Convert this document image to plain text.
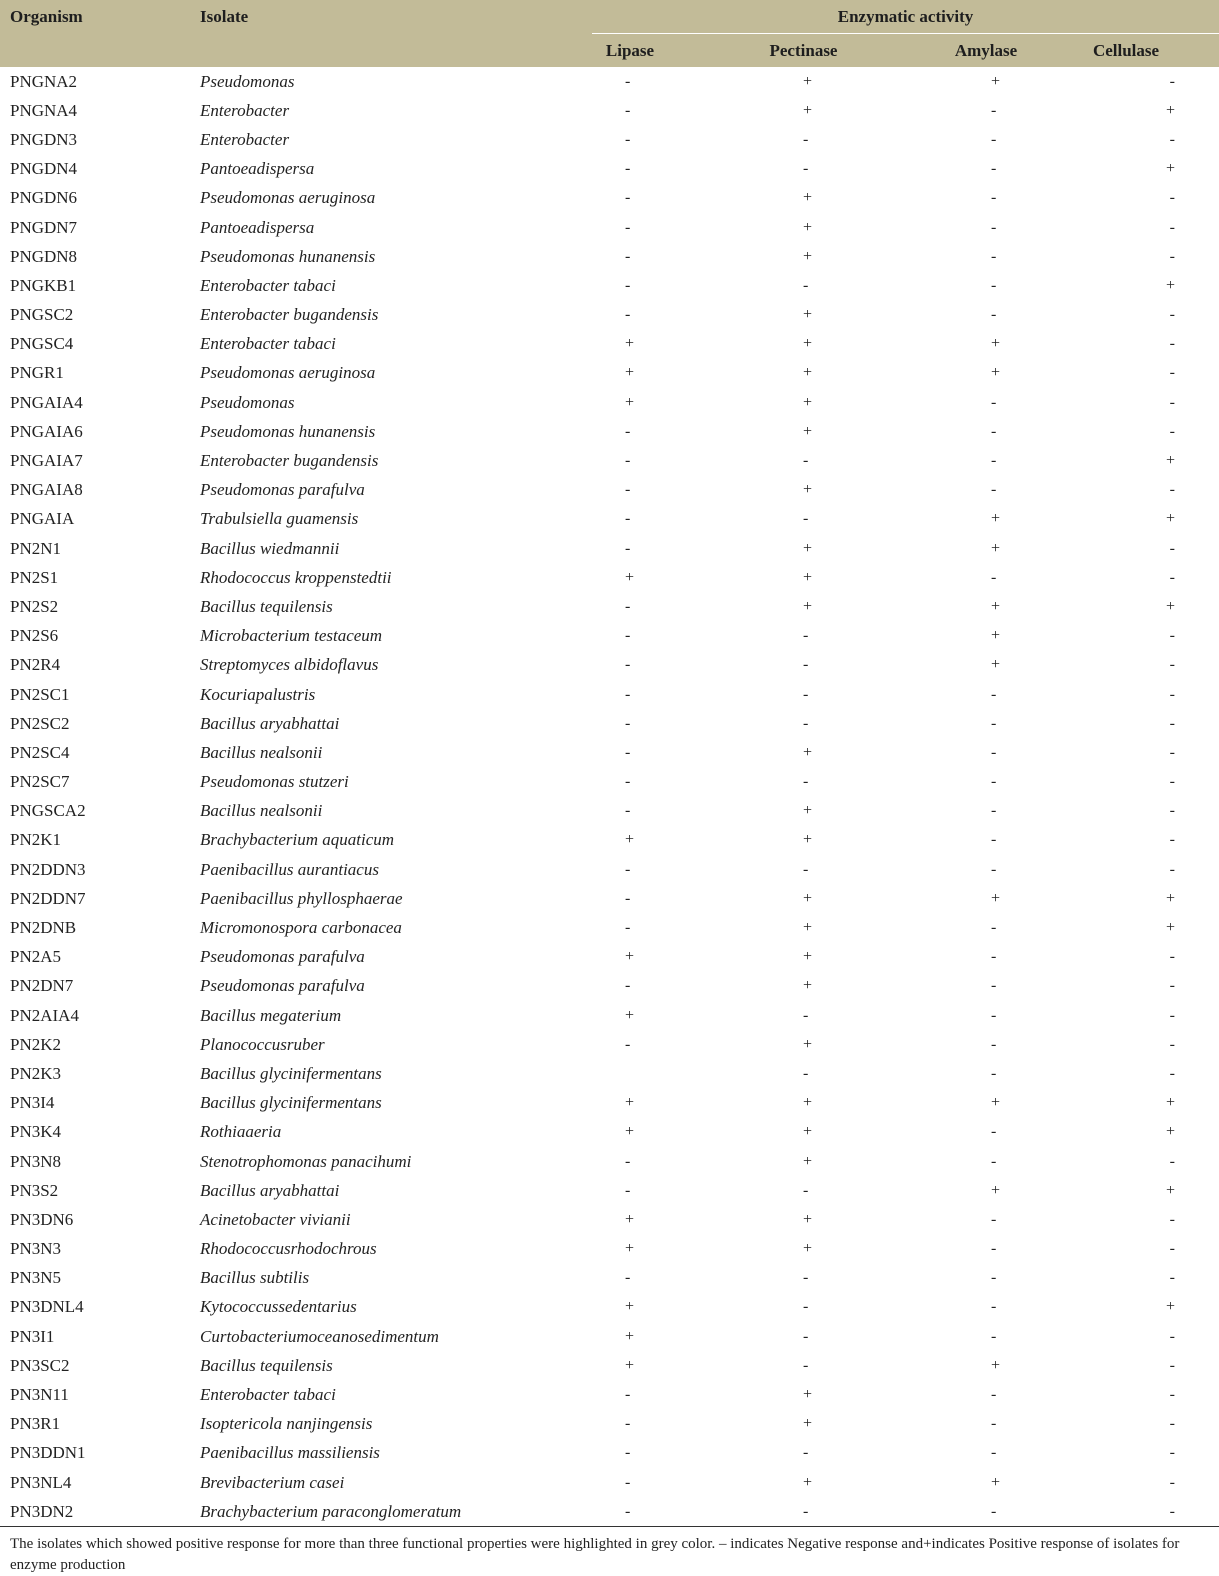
Organism	Isolate	Enzymatic activity			
		Lipase	Pectinase	Amylase	Cellulase
PNGNA2	Pseudomonas	-	+	+	-
PNGNA4	Enterobacter	-	+	-	+
PNGDN3	Enterobacter	-	-	-	-
PNGDN4	Pantoeadispersa	-	-	-	+
PNGDN6	Pseudomonas aeruginosa	-	+	-	-
PNGDN7	Pantoeadispersa	-	+	-	-
PNGDN8	Pseudomonas hunanensis	-	+	-	-
PNGKB1	Enterobacter tabaci	-	-	-	+
PNGSC2	Enterobacter bugandensis	-	+	-	-
PNGSC4	Enterobacter tabaci	+	+	+	-
PNGR1	Pseudomonas aeruginosa	+	+	+	-
PNGAIA4	Pseudomonas	+	+	-	-
PNGAIA6	Pseudomonas hunanensis	-	+	-	-
PNGAIA7	Enterobacter bugandensis	-	-	-	+
PNGAIA8	Pseudomonas parafulva	-	+	-	-
PNGAIA	Trabulsiella guamensis	-	-	+	+
PN2N1	Bacillus wiedmannii	-	+	+	-
PN2S1	Rhodococcus kroppenstedtii	+	+	-	-
PN2S2	Bacillus tequilensis	-	+	+	+
PN2S6	Microbacterium testaceum	-	-	+	-
PN2R4	Streptomyces albidoflavus	-	-	+	-
PN2SC1	Kocuriapalustris	-	-	-	-
PN2SC2	Bacillus aryabhattai	-	-	-	-
PN2SC4	Bacillus nealsonii	-	+	-	-
PN2SC7	Pseudomonas stutzeri	-	-	-	-
PNGSCA2	Bacillus nealsonii	-	+	-	-
PN2K1	Brachybacterium aquaticum	+	+	-	-
PN2DDN3	Paenibacillus aurantiacus	-	-	-	-
PN2DDN7	Paenibacillus phyllosphaerae	-	+	+	+
PN2DNB	Micromonospora carbonacea	-	+	-	+
PN2A5	Pseudomonas parafulva	+	+	-	-
PN2DN7	Pseudomonas parafulva	-	+	-	-
PN2AIA4	Bacillus megaterium	+	-	-	-
PN2K2	Planococcusruber	-	+	-	-
PN2K3	Bacillus glycinifermentans		-	-	-
PN3I4	Bacillus glycinifermentans	+	+	+	+
PN3K4	Rothiaaeria	+	+	-	+
PN3N8	Stenotrophomonas panacihumi	-	+	-	-
PN3S2	Bacillus aryabhattai	-	-	+	+
PN3DN6	Acinetobacter vivianii	+	+	-	-
PN3N3	Rhodococcusrhodochrous	+	+	-	-
PN3N5	Bacillus subtilis	-	-	-	-
PN3DNL4	Kytococcussedentarius	+	-	-	+
PN3I1	Curtobacteriumoceanosedimentum	+	-	-	-
PN3SC2	Bacillus tequilensis	+	-	+	-
PN3N11	Enterobacter tabaci	-	+	-	-
PN3R1	Isoptericola nanjingensis	-	+	-	-
PN3DDN1	Paenibacillus massiliensis	-	-	-	-
PN3NL4	Brevibacterium casei	-	+	+	-
PN3DN2	Brachybacterium paraconglomeratum	-	-	-	-
The isolates which showed positive response for more than three functional properties were highlighted in grey color. – indicates Negative response and+indicates Positive response of isolates for enzyme production
